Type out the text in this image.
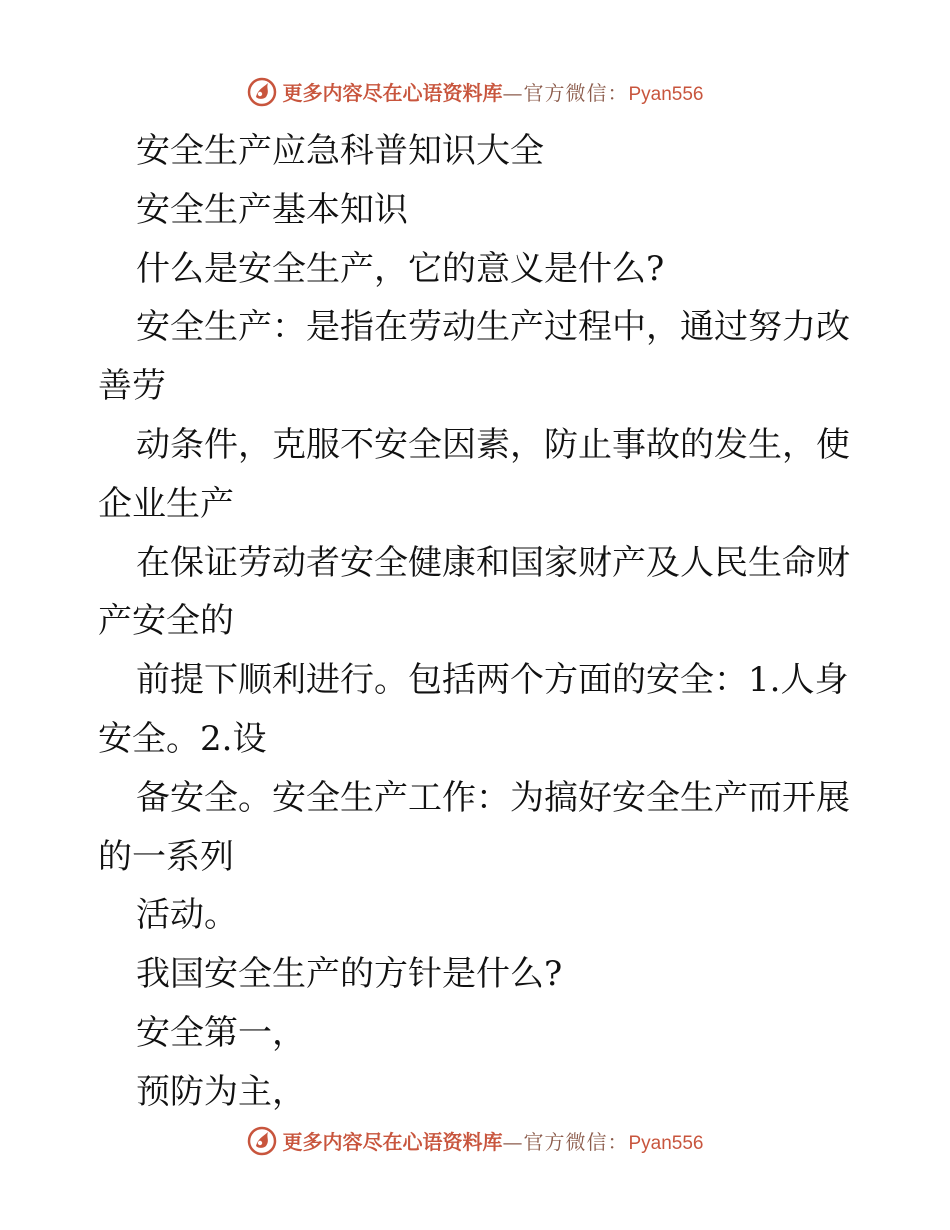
更多内容尽在心语资料库 — 官方微信： Pyan556
安全生产应急科普知识大全
安全生产基本知识
什么是安全生产，它的意义是什么?
安全生产：是指在劳动生产过程中，通过努力改
善劳
动条件，克服不安全因素，防止事故的发生，使
企业生产
在保证劳动者安全健康和国家财产及人民生命财
产安全的
前提下顺利进行。包括两个方面的安全：1.人身
安全。2.设
备安全。安全生产工作：为搞好安全生产而开展
的一系列
活动。
我国安全生产的方针是什么?
安全第一，
预防为主，
更多内容尽在心语资料库 — 官方微信： Pyan556
